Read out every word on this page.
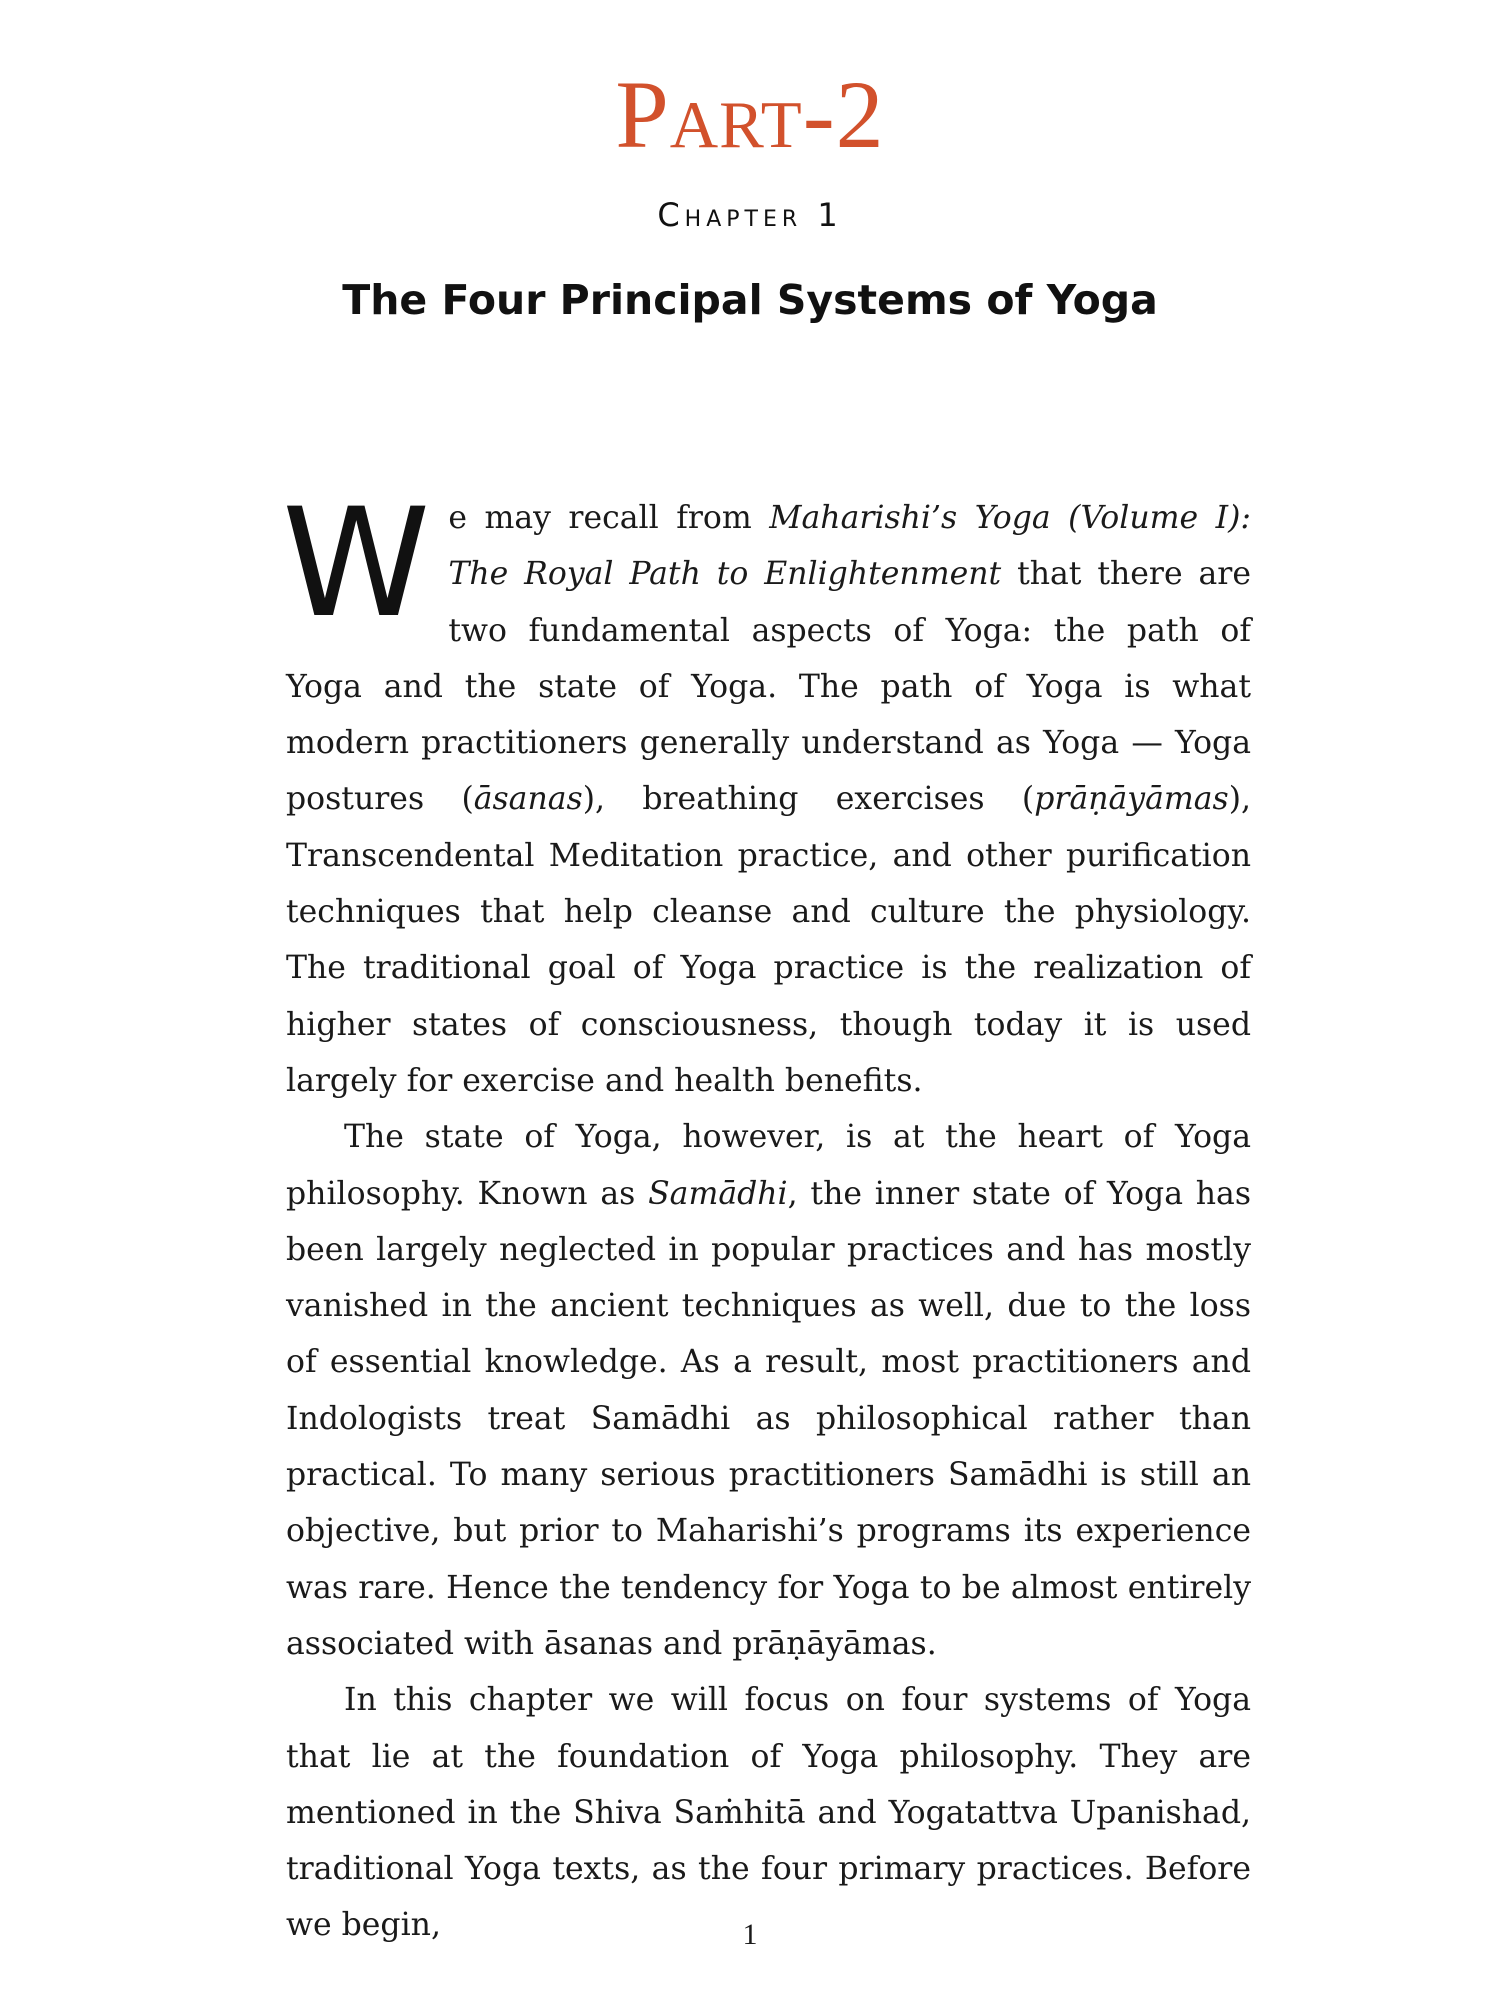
Part-2
Chapter 1
The Four Principal Systems of Yoga

We may recall from Maharishi’s Yoga (Volume I): The Royal Path to Enlightenment that there are two fundamental aspects of Yoga: the path of Yoga and the state of Yoga. The path of Yoga is what modern practitioners generally understand as Yoga — Yoga postures (āsanas), breathing exercises (prāṇāyāmas), Transcendental Meditation practice, and other purification techniques that help cleanse and culture the physiology. The traditional goal of Yoga practice is the realization of higher states of consciousness, though today it is used largely for exercise and health benefits.

The state of Yoga, however, is at the heart of Yoga philosophy. Known as Samādhi, the inner state of Yoga has been largely neglected in popular practices and has mostly vanished in the ancient techniques as well, due to the loss of essential knowledge. As a result, most practitioners and Indologists treat Samādhi as philosophical rather than practical. To many serious practitioners Samādhi is still an objective, but prior to Maharishi’s programs its experience was rare. Hence the tendency for Yoga to be almost entirely associated with āsanas and prāṇāyāmas.

In this chapter we will focus on four systems of Yoga that lie at the foundation of Yoga philosophy. They are mentioned in the Shiva Saṁhitā and Yogatattva Upanishad, traditional Yoga texts, as the four primary practices. Before we begin,	1
